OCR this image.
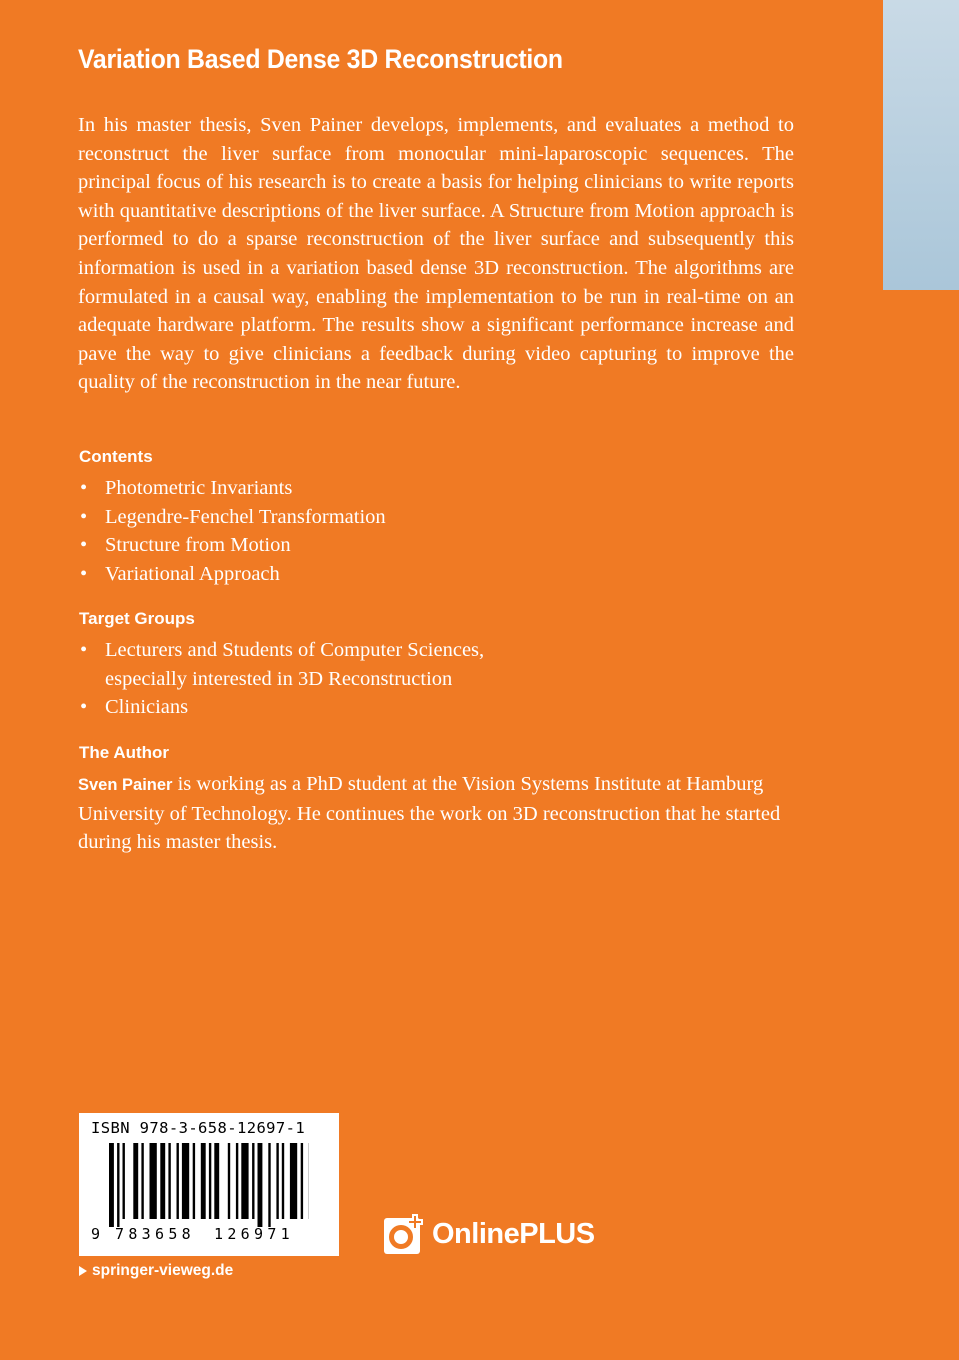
Variation Based Dense 3D Reconstruction

In his master thesis, Sven Painer develops, implements, and evaluates a method to reconstruct the liver surface from monocular mini-laparoscopic sequences. The principal focus of his research is to create a basis for helping clinicians to write reports with quantitative descriptions of the liver surface. A Structure from Motion approach is performed to do a sparse reconstruction of the liver surface and subsequently this information is used in a variation based dense 3D reconstruction. The algorithms are formulated in a causal way, enabling the implementation to be run in real-time on an adequate hardware platform. The results show a significant performance increase and pave the way to give clinicians a feedback during video capturing to improve the quality of the reconstruction in the near future.

Contents
• Photometric Invariants
• Legendre-Fenchel Transformation
• Structure from Motion
• Variational Approach
Target Groups
• Lecturers and Students of Computer Sciences, especially interested in 3D Reconstruction
• Clinicians
The Author

Sven Painer is working as a PhD student at the Vision Systems Institute at Hamburg University of Technology. He continues the work on 3D reconstruction that he started during his master thesis.

ISBN 978-3-658-12697-1
9 783658 126971
springer-vieweg.de
OnlinePLUS
